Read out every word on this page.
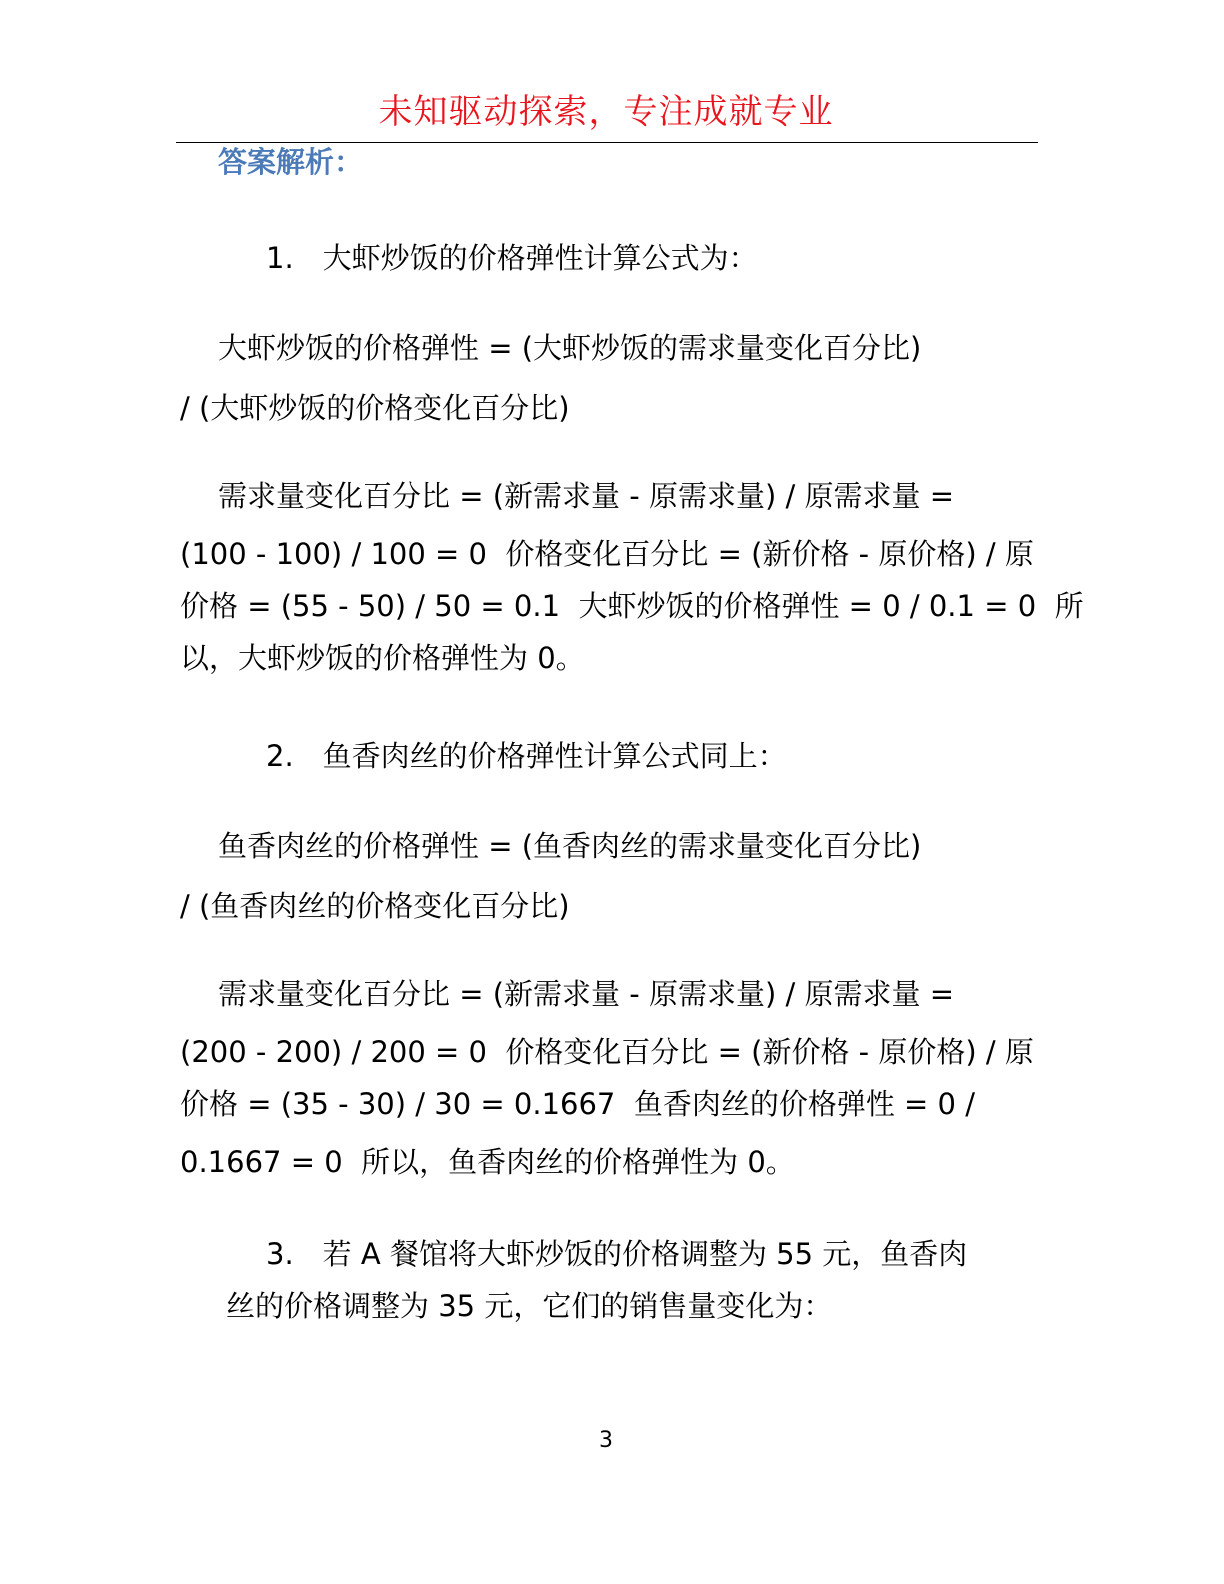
未知驱动探索，专注成就专业
答案解析：
1.　大虾炒饭的价格弹性计算公式为：
大虾炒饭的价格弹性 = (大虾炒饭的需求量变化百分比)
/ (大虾炒饭的价格变化百分比)
需求量变化百分比 = (新需求量 - 原需求量) / 原需求量 =
(100 - 100) / 100 = 0  价格变化百分比 = (新价格 - 原价格) / 原
价格 = (55 - 50) / 50 = 0.1  大虾炒饭的价格弹性 = 0 / 0.1 = 0  所
以，大虾炒饭的价格弹性为 0。
2.　鱼香肉丝的价格弹性计算公式同上：
鱼香肉丝的价格弹性 = (鱼香肉丝的需求量变化百分比)
/ (鱼香肉丝的价格变化百分比)
需求量变化百分比 = (新需求量 - 原需求量) / 原需求量 =
(200 - 200) / 200 = 0  价格变化百分比 = (新价格 - 原价格) / 原
价格 = (35 - 30) / 30 = 0.1667  鱼香肉丝的价格弹性 = 0 /
0.1667 = 0  所以，鱼香肉丝的价格弹性为 0。
3.　若 A 餐馆将大虾炒饭的价格调整为 55 元，鱼香肉
丝的价格调整为 35 元，它们的销售量变化为：
3
